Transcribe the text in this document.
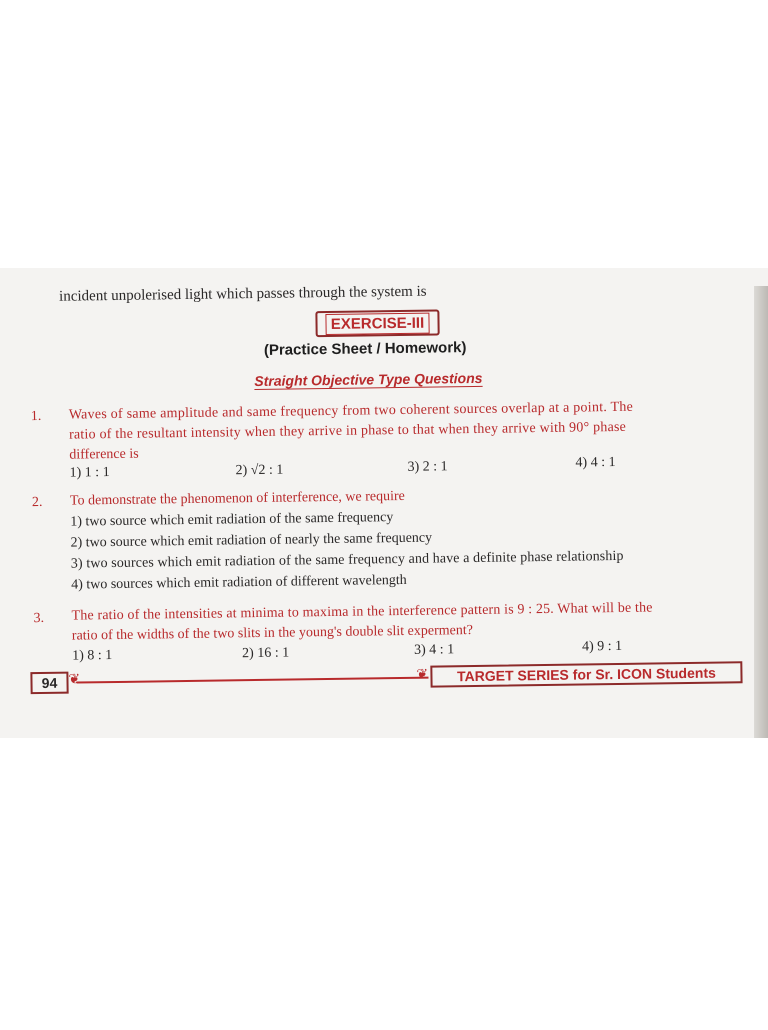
incident unpolerised light which passes through the system is
EXERCISE-III
(Practice Sheet / Homework)
Straight Objective Type Questions
1. Waves of same amplitude and same frequency from two coherent sources overlap at a point. The
ratio of the resultant intensity when they arrive in phase to that when they arrive with 90° phase
difference is
1) 1 : 1	2) √2 : 1	3) 2 : 1	4) 4 : 1
2. To demonstrate the phenomenon of interference, we require
1) two source which emit radiation of the same frequency
2) two source which emit radiation of nearly the same frequency
3) two sources which emit radiation of the same frequency and have a definite phase relationship
4) two sources which emit radiation of different wavelength
3. The ratio of the intensities at minima to maxima in the interference pattern is 9 : 25. What will be the
ratio of the widths of the two slits in the young's double slit experment?
1) 8 : 1	2) 16 : 1	3) 4 : 1	4) 9 : 1
94 ❦	❦	TARGET SERIES for Sr. ICON Students
